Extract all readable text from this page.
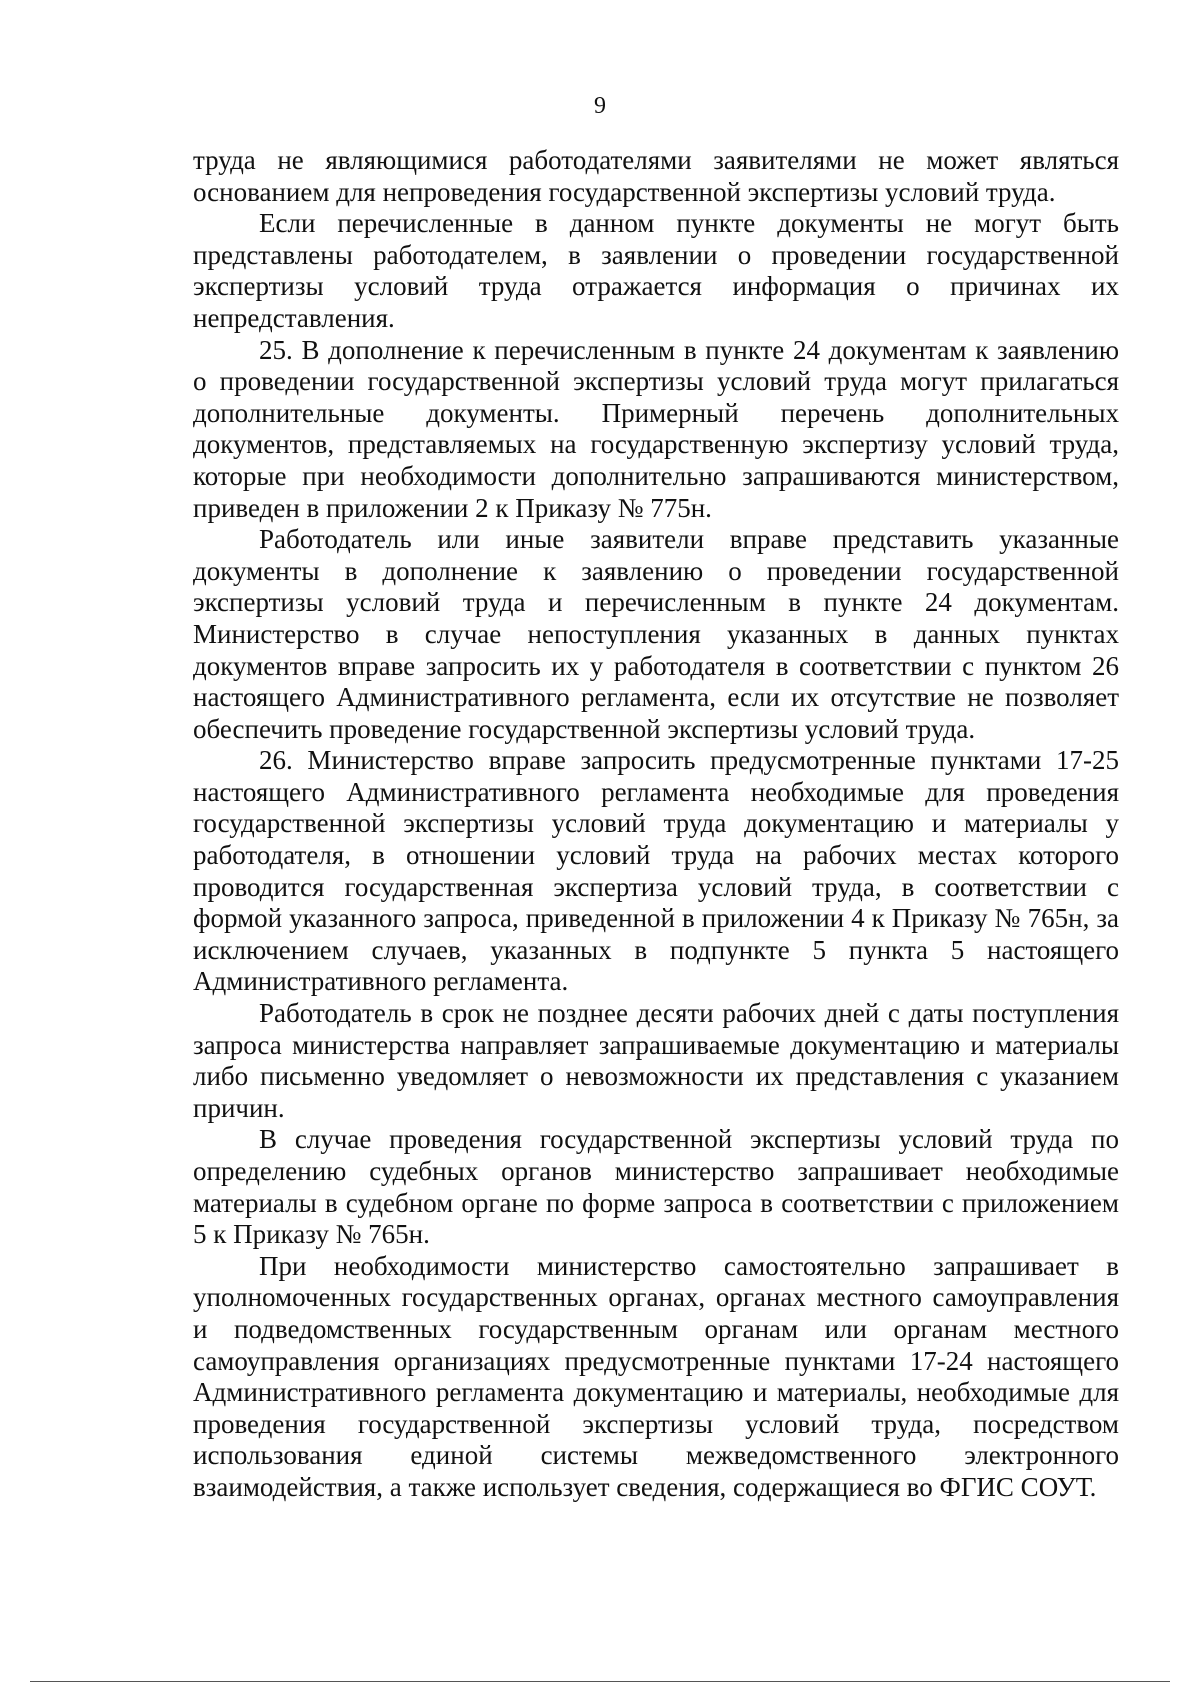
9

труда не являющимися работодателями заявителями не может являться основанием для непроведения государственной экспертизы условий труда.

Если перечисленные в данном пункте документы не могут быть представлены работодателем, в заявлении о проведении государственной экспертизы условий труда отражается информация о причинах их непредставления.

25. В дополнение к перечисленным в пункте 24 документам к заявлению о проведении государственной экспертизы условий труда могут прилагаться дополнительные документы. Примерный перечень дополнительных документов, представляемых на государственную экспертизу условий труда, которые при необходимости дополнительно запрашиваются министерством, приведен в приложении 2 к Приказу № 775н.

Работодатель или иные заявители вправе представить указанные документы в дополнение к заявлению о проведении государственной экспертизы условий труда и перечисленным в пункте 24 документам. Министерство в случае непоступления указанных в данных пунктах документов вправе запросить их у работодателя в соответствии с пунктом 26 настоящего Административного регламента, если их отсутствие не позволяет обеспечить проведение государственной экспертизы условий труда.

26. Министерство вправе запросить предусмотренные пунктами 17-25 настоящего Административного регламента необходимые для проведения государственной экспертизы условий труда документацию и материалы у работодателя, в отношении условий труда на рабочих местах которого проводится государственная экспертиза условий труда, в соответствии с формой указанного запроса, приведенной в приложении 4 к Приказу № 765н, за исключением случаев, указанных в подпункте 5 пункта 5 настоящего Административного регламента.

Работодатель в срок не позднее десяти рабочих дней с даты поступления запроса министерства направляет запрашиваемые документацию и материалы либо письменно уведомляет о невозможности их представления с указанием причин.

В случае проведения государственной экспертизы условий труда по определению судебных органов министерство запрашивает необходимые материалы в судебном органе по форме запроса в соответствии с приложением 5 к Приказу № 765н.

При необходимости министерство самостоятельно запрашивает в уполномоченных государственных органах, органах местного самоуправления и подведомственных государственным органам или органам местного самоуправления организациях предусмотренные пунктами 17-24 настоящего Административного регламента документацию и материалы, необходимые для проведения государственной экспертизы условий труда, посредством использования единой системы межведомственного электронного взаимодействия, а также использует сведения, содержащиеся во ФГИС СОУТ.
